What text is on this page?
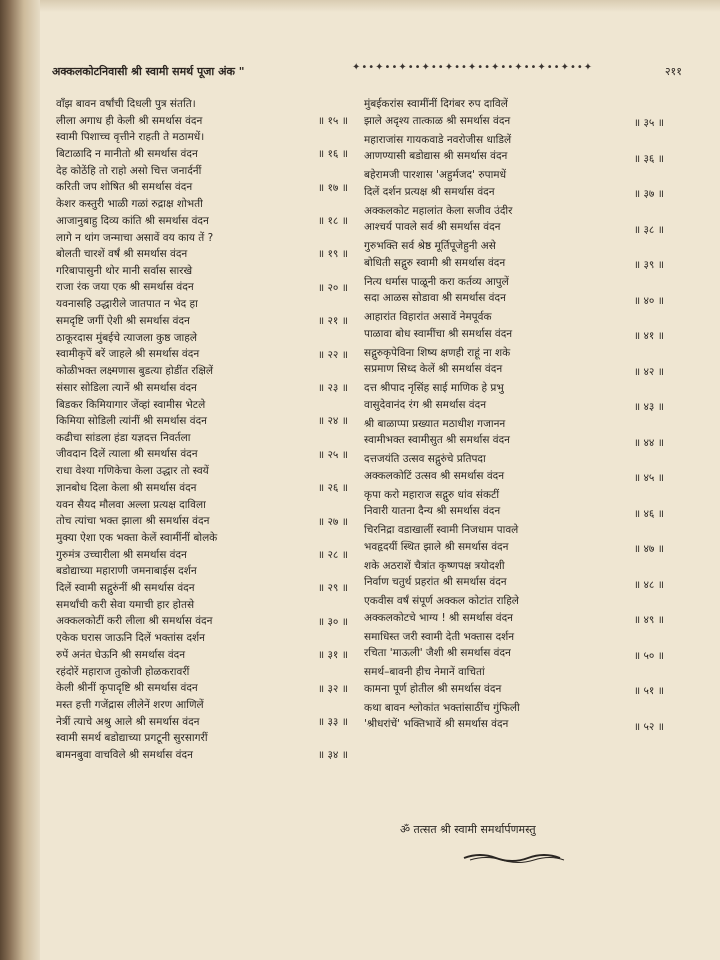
अक्कलकोटनिवासी श्री स्वामी समर्थ पूजा अंक "	✦••✦••✦••✦••✦••✦••✦••✦••✦••✦••✦	२११
वाँझ बावन वर्षांची दिधली पुत्र संतति।
लीला अगाध ही केली श्री समर्थास वंदन	॥ १५ ॥
स्वामी पिशाच्च वृत्तीने राहती ते मठामधें।
बिटाळादि न मानीतो श्री समर्थास वंदन	॥ १६ ॥
देह कोठेंहि तो राहो असो चित्त जनार्दनीं
करिती जप शोषित श्री समर्थास वंदन	॥ १७ ॥
केशर कस्तुरी भाळी गळां रुद्राक्ष शोभती
आजानुबाहु दिव्य कांति श्री समर्थास वंदन	॥ १८ ॥
लागे न थांग जन्माचा असावें वय काय तें ?
बोलती चारशें वर्षं श्री समर्थास वंदन	॥ १९ ॥
गरिबापासुनी थोर मानी सर्वास सारखे
राजा रंक जया एक श्री समर्थास वंदन	॥ २० ॥
यवनासहि उद्धारीले जातपात न भेद हा
समदृष्टि जगीं ऐशी श्री समर्थास वंदन	॥ २१ ॥
ठाकूरदास मुंबईचे त्याजला कुष्ठ जाहले
स्वामीकृपें बरें जाहले श्री समर्थास वंदन	॥ २२ ॥
कोळीभक्त लक्ष्मणास बुडत्या होडींत रक्षिलें
संसार सोडिला त्यानें श्री समर्थास वंदन	॥ २३ ॥
बिडकर किमियागार जेंव्हां स्वामीस भेटले
किमिया सोडिली त्यांनीं श्री समर्थास वंदन	॥ २४ ॥
कढीचा सांडला हंडा यज्ञदत्त निवर्तला
जीवदान दिलें त्याला श्री समर्थास वंदन	॥ २५ ॥
राधा वेश्या गणिकेचा केला उद्धार तो स्वयें
ज्ञानबोध दिला केला श्री समर्थास वंदन	॥ २६ ॥
यवन सैयद मौलवा अल्ला प्रत्यक्ष दाविला
तोच त्यांचा भक्त झाला श्री समर्थास वंदन	॥ २७ ॥
मुक्या ऐशा एक भक्ता केलें स्वामींनीं बोलके
गुरुमंत्र उच्चारीला श्री समर्थास वंदन	॥ २८ ॥
बडोद्याच्या महाराणी जमनाबाईस दर्शन
दिलें स्वामी सद्गुरुंनीं श्री समर्थास वंदन	॥ २९ ॥
समर्थांची करी सेवा यमाची हार होतसे
अक्कलकोटीं करी लीला श्री समर्थास वंदन	॥ ३० ॥
एकेक घरास जाऊनि दिलें भक्तांस दर्शन
रुपें अनंत घेऊनि श्री समर्थास वंदन	॥ ३१ ॥
रहंदोरें महाराज तुकोजी होळकरावरीं
केली श्रीनीं कृपादृष्टि श्री समर्थास वंदन	॥ ३२ ॥
मस्त हत्ती गजेंद्रास लीलेनें शरण आणिलें
नेत्रीं त्याचे अश्रु आले श्री समर्थास वंदन	॥ ३३ ॥
स्वामी समर्थ बडोद्याच्या प्रगटूनी सुरसागरीं
बामनबुवा वाचविले श्री समर्थास वंदन	॥ ३४ ॥
मुंबईकरांस स्वामींनीं दिगंबर रुप दाविलें
झाले अदृश्य तात्काळ श्री समर्थास वंदन	॥ ३५ ॥
महाराजांस गायकवाडे नवरोजीस धाडिलें
आणण्यासी बडोद्यास श्री समर्थास वंदन	॥ ३६ ॥
बहेरामजी पारशास 'अहुर्मजद' रुपामधें
दिलें दर्शन प्रत्यक्ष श्री समर्थास वंदन	॥ ३७ ॥
अक्कलकोट महालांत केला सजीव उंदीर
आश्चर्य पावले सर्व श्री समर्थास वंदन	॥ ३८ ॥
गुरुभक्ति सर्व श्रेष्ठ मूर्तिपूजेहुनी असे
बोधिती सद्गुरु स्वामी श्री समर्थास वंदन	॥ ३९ ॥
नित्य धर्मास पाळूनी करा कर्तव्य आपुलें
सदा आळस सोडावा श्री समर्थास वंदन	॥ ४० ॥
आहारांत विहारांत असावें नेमपूर्वक
पाळावा बोध स्वामींचा श्री समर्थास वंदन	॥ ४१ ॥
सद्गुरुकृपेविना शिष्य क्षणही राहूं ना शके
सप्रमाण सिध्द केलें श्री समर्थास वंदन	॥ ४२ ॥
दत्त श्रीपाद नृसिंह साई माणिक हे प्रभु
वासुदेवानंद रंग श्री समर्थास वंदन	॥ ४३ ॥
श्री बाळाप्पा प्रख्यात मठाधीश गजानन
स्वामीभक्त स्वामीसुत श्री समर्थास वंदन	॥ ४४ ॥
दत्तजयंति उत्सव सद्गुरुंचे प्रतिपदा
अक्कलकोटिं उत्सव श्री समर्थास वंदन	॥ ४५ ॥
कृपा करो महाराज सद्गुरु धांव संकटीं
निवारी यातना दैन्य श्री समर्थास वंदन	॥ ४६ ॥
चिरनिद्रा वडाखालीं स्वामी निजधाम पावले
भवहृदयीं स्थित झाले श्री समर्थास वंदन	॥ ४७ ॥
शके अठराशें चैत्रांत कृष्णपक्ष त्रयोदशी
निर्वाण चतुर्थ प्रहरांत श्री समर्थास वंदन	॥ ४८ ॥
एकवीस वर्षं संपूर्ण अक्कल कोटांत राहिले
अक्कलकोटचे भाग्य ! श्री समर्थास वंदन	॥ ४९ ॥
समाधिस्त जरी स्वामी देती भक्तास दर्शन
रचिता 'माऊली' जैशी श्री समर्थास वंदन	॥ ५० ॥
समर्थ–बावनी हीच नेमानें वाचितां
कामना पूर्ण होतील श्री समर्थास वंदन	॥ ५१ ॥
कथा बावन श्लोकांत भक्तांसाठींच गुंफिली
'श्रीधरांचें' भक्तिभावें श्री समर्थास वंदन	॥ ५२ ॥
ॐ तत्सत श्री स्वामी समर्थार्पणमस्तु
